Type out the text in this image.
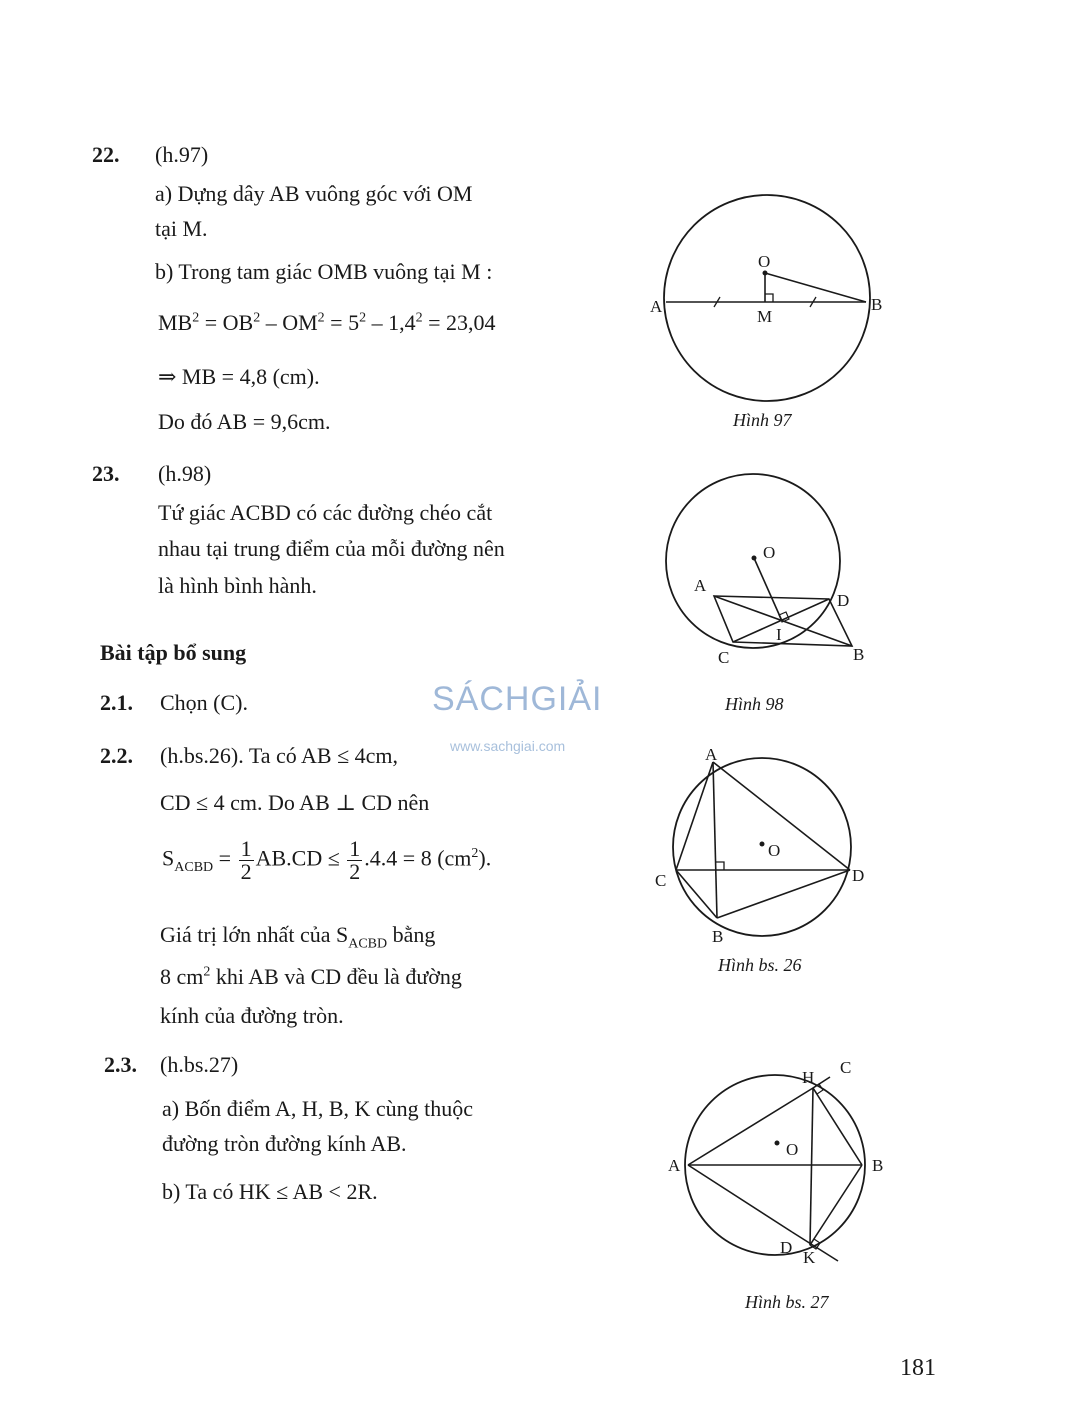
22. (h.97)
a) Dựng dây AB vuông góc với OM
tại M.
b) Trong tam giác OMB vuông tại M :
$MB^2 = OB^2 - OM^2 = 5^2 - 1,4^2 = 23,04$
⇒ MB = 4,8 (cm).
Do đó AB = 9,6cm.
23. (h.98)
Tứ giác ACBD có các đường chéo cắt
nhau tại trung điểm của mỗi đường nên
là hình bình hành.
Bài tập bổ sung
SÁCHGIẢI
www.sachgiai.com
2.1. Chọn (C).
2.2. (h.bs.26). Ta có AB ≤ 4cm,
CD ≤ 4 cm. Do AB ⊥ CD nên
$S_{ACBD} = \frac{1}{2} AB.CD \le \frac{1}{2} .4.4 = 8$ $(cm^2)$.
Giá trị lớn nhất của $S_{ACBD}$ bằng
8 $cm^2$ khi AB và CD đều là đường
kính của đường tròn.
2.3. (h.bs.27)
a) Bốn điểm A, H, B, K cùng thuộc
đường tròn đường kính AB.
b) Ta có HK ≤ AB < 2R.
O
A
M
B
Hình 97
O
A
D
I
C	B
Hình 98
A
O
C	D
B
Hình bs. 26
H
C
O
A	B
D
K
Hình bs. 27
181
